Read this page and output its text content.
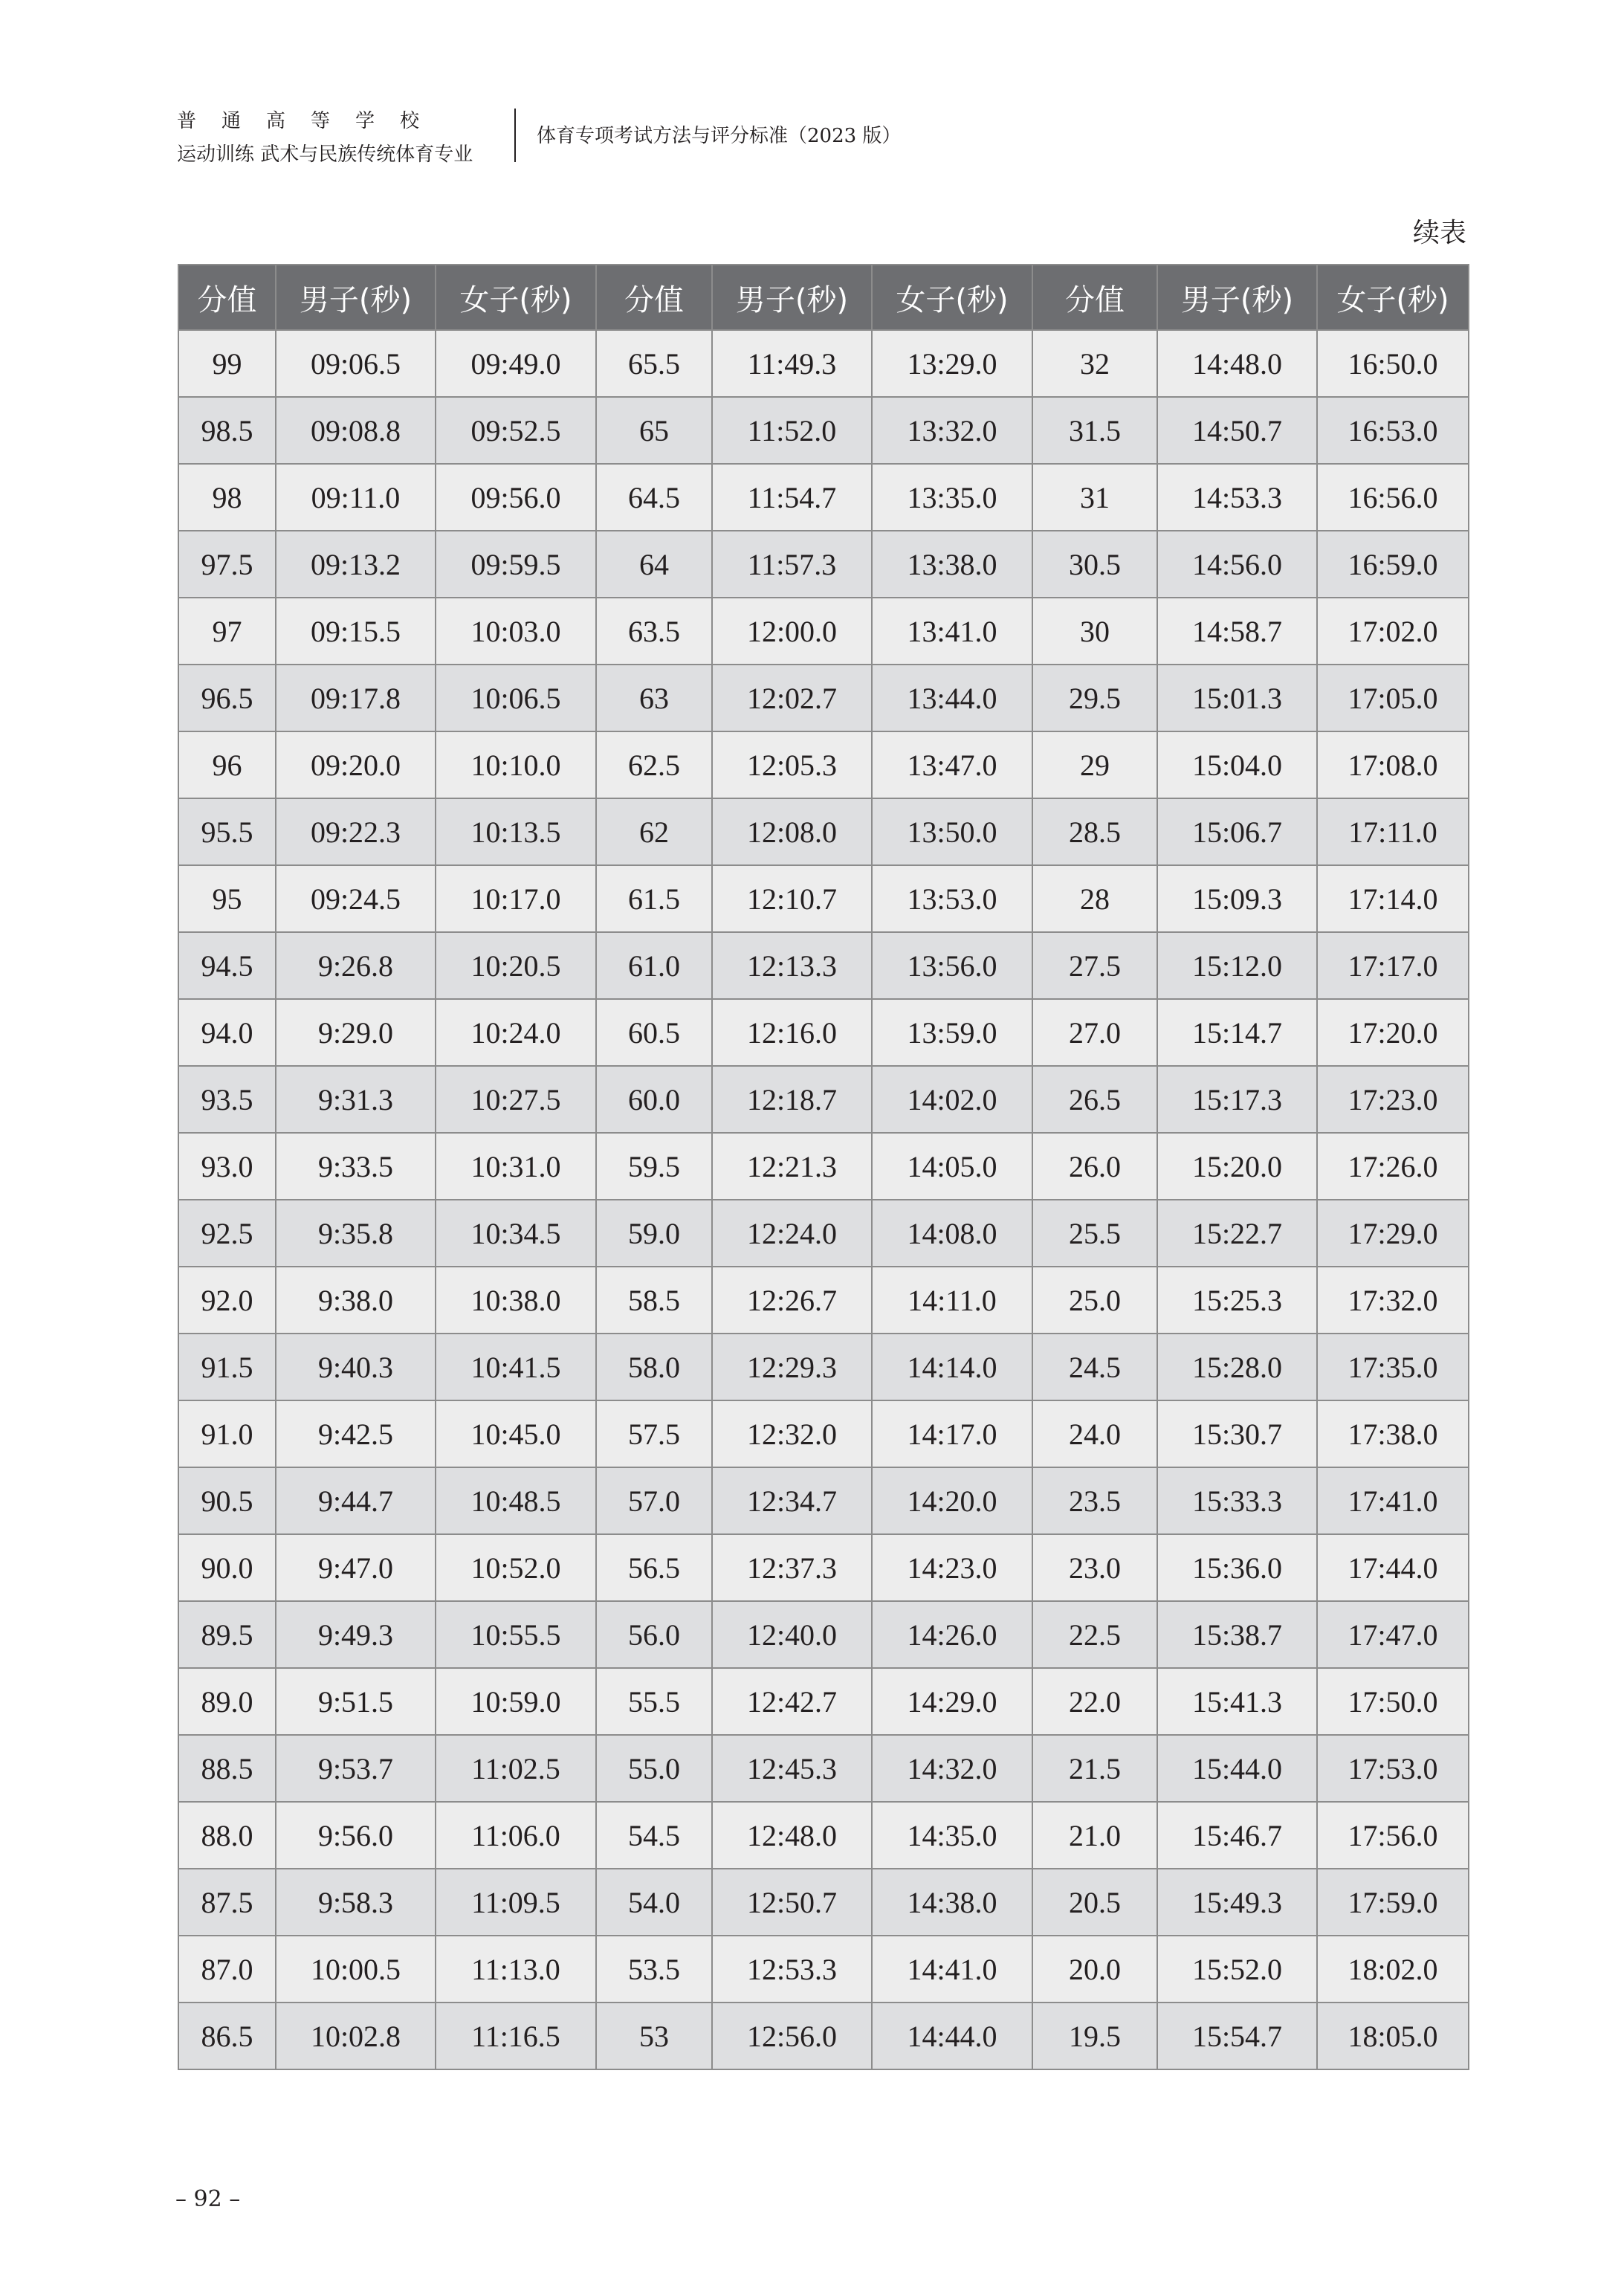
普通高等学校
运动训练 武术与民族传统体育专业
体育专项考试方法与评分标准（2023 版）
续表
分值	男子(秒)	女子(秒)	分值	男子(秒)	女子(秒)	分值	男子(秒)	女子(秒)
99	09:06.5	09:49.0	65.5	11:49.3	13:29.0	32	14:48.0	16:50.0
98.5	09:08.8	09:52.5	65	11:52.0	13:32.0	31.5	14:50.7	16:53.0
98	09:11.0	09:56.0	64.5	11:54.7	13:35.0	31	14:53.3	16:56.0
97.5	09:13.2	09:59.5	64	11:57.3	13:38.0	30.5	14:56.0	16:59.0
97	09:15.5	10:03.0	63.5	12:00.0	13:41.0	30	14:58.7	17:02.0
96.5	09:17.8	10:06.5	63	12:02.7	13:44.0	29.5	15:01.3	17:05.0
96	09:20.0	10:10.0	62.5	12:05.3	13:47.0	29	15:04.0	17:08.0
95.5	09:22.3	10:13.5	62	12:08.0	13:50.0	28.5	15:06.7	17:11.0
95	09:24.5	10:17.0	61.5	12:10.7	13:53.0	28	15:09.3	17:14.0
94.5	9:26.8	10:20.5	61.0	12:13.3	13:56.0	27.5	15:12.0	17:17.0
94.0	9:29.0	10:24.0	60.5	12:16.0	13:59.0	27.0	15:14.7	17:20.0
93.5	9:31.3	10:27.5	60.0	12:18.7	14:02.0	26.5	15:17.3	17:23.0
93.0	9:33.5	10:31.0	59.5	12:21.3	14:05.0	26.0	15:20.0	17:26.0
92.5	9:35.8	10:34.5	59.0	12:24.0	14:08.0	25.5	15:22.7	17:29.0
92.0	9:38.0	10:38.0	58.5	12:26.7	14:11.0	25.0	15:25.3	17:32.0
91.5	9:40.3	10:41.5	58.0	12:29.3	14:14.0	24.5	15:28.0	17:35.0
91.0	9:42.5	10:45.0	57.5	12:32.0	14:17.0	24.0	15:30.7	17:38.0
90.5	9:44.7	10:48.5	57.0	12:34.7	14:20.0	23.5	15:33.3	17:41.0
90.0	9:47.0	10:52.0	56.5	12:37.3	14:23.0	23.0	15:36.0	17:44.0
89.5	9:49.3	10:55.5	56.0	12:40.0	14:26.0	22.5	15:38.7	17:47.0
89.0	9:51.5	10:59.0	55.5	12:42.7	14:29.0	22.0	15:41.3	17:50.0
88.5	9:53.7	11:02.5	55.0	12:45.3	14:32.0	21.5	15:44.0	17:53.0
88.0	9:56.0	11:06.0	54.5	12:48.0	14:35.0	21.0	15:46.7	17:56.0
87.5	9:58.3	11:09.5	54.0	12:50.7	14:38.0	20.5	15:49.3	17:59.0
87.0	10:00.5	11:13.0	53.5	12:53.3	14:41.0	20.0	15:52.0	18:02.0
86.5	10:02.8	11:16.5	53	12:56.0	14:44.0	19.5	15:54.7	18:05.0
– 92 –
